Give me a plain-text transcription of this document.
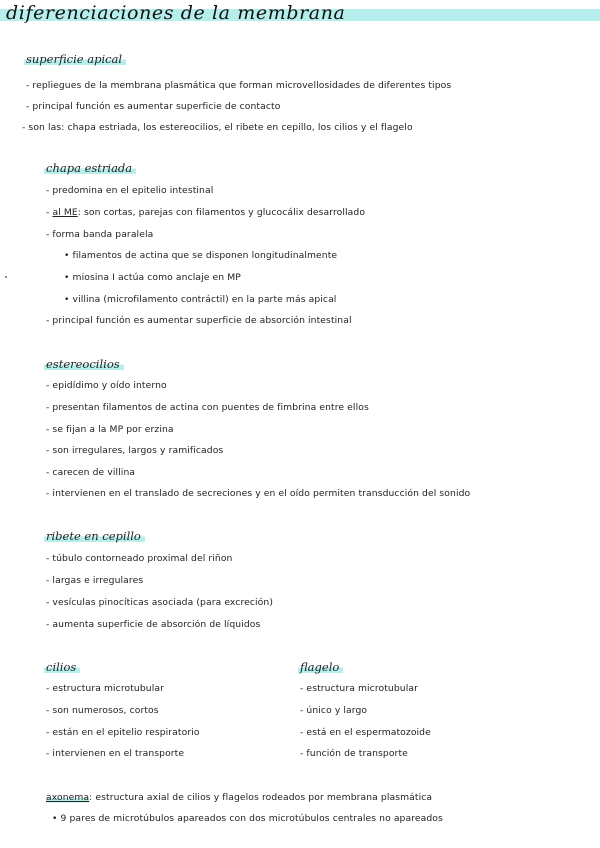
diferenciaciones de la membrana
superficie apical
- repliegues de la membrana plasmática que forman microvellosidades de diferentes tipos
- principal función es aumentar superficie de contacto
- son las: chapa estriada, los estereocilios, el ribete en cepillo, los cilios y el flagelo
chapa estriada
- predomina en el epitelio intestinal
- al ME: son cortas, parejas con filamentos y glucocálix desarrollado
- forma banda paralela
• filamentos de actina que se disponen longitudinalmente
• miosina I actúa como anclaje en MP
• villina (microfilamento contráctil) en la parte más apical
- principal función es aumentar superficie de absorción intestinal
estereocilios
- epidídimo y oído interno
- presentan filamentos de actina con puentes de fimbrina entre ellos
- se fijan a la MP por erzina
- son irregulares, largos y ramificados
- carecen de villina
- intervienen en el translado de secreciones y en el oído permiten transducción del sonido
ribete en cepillo
- túbulo contorneado proximal del riñon
- largas e irregulares
- vesículas pinocíticas asociada (para excreción)
- aumenta superficie de absorción de líquidos
cilios
- estructura microtubular
- son numerosos, cortos
- están en el epitelio respiratorio
- intervienen en el transporte
flagelo
- estructura microtubular
- único y largo
- está en el espermatozoide
- función de transporte
axonema: estructura axial de cilios y flagelos rodeados por membrana plasmática
• 9 pares de microtúbulos apareados con dos microtúbulos centrales no apareados
